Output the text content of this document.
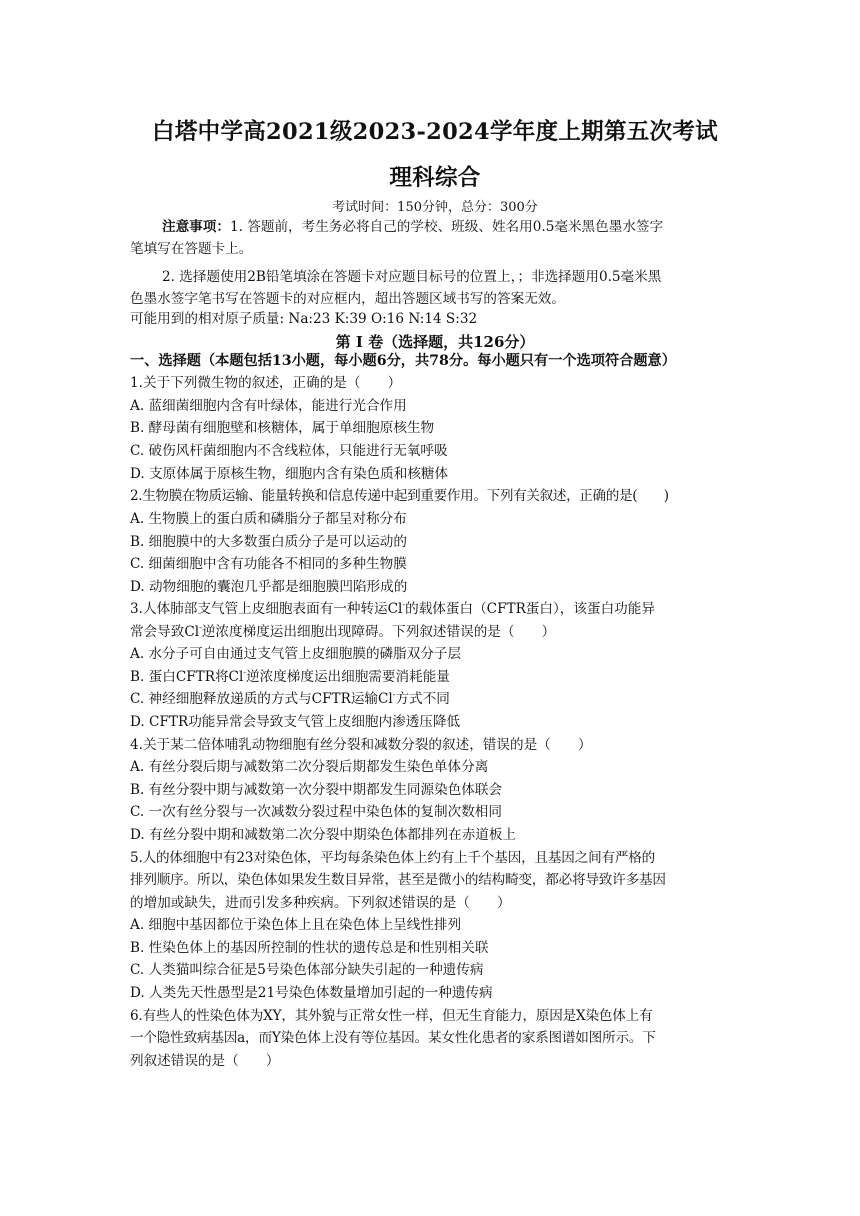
白塔中学高2021级2023-2024学年度上期第五次考试
理科综合
考试时间：150分钟，总分：300分
注意事项：1. 答题前，考生务必将自己的学校、班级、姓名用0.5毫米黑色墨水签字
笔填写在答题卡上。
2. 选择题使用2B铅笔填涂在答题卡对应题目标号的位置上，；非选择题用0.5毫米黑
色墨水签字笔书写在答题卡的对应框内，超出答题区域书写的答案无效。
可能用到的相对原子质量: Na:23 K:39 O:16 N:14 S:32
第 Ⅰ 卷（选择题，共126分）
一、选择题（本题包括13小题，每小题6分，共78分。每小题只有一个选项符合题意）
1.关于下列微生物的叙述，正确的是（　　）
A. 蓝细菌细胞内含有叶绿体，能进行光合作用
B. 酵母菌有细胞壁和核糖体，属于单细胞原核生物
C. 破伤风杆菌细胞内不含线粒体，只能进行无氧呼吸
D. 支原体属于原核生物，细胞内含有染色质和核糖体
2.生物膜在物质运输、能量转换和信息传递中起到重要作用。下列有关叙述，正确的是(　　)
A. 生物膜上的蛋白质和磷脂分子都呈对称分布
B. 细胞膜中的大多数蛋白质分子是可以运动的
C. 细菌细胞中含有功能各不相同的多种生物膜
D. 动物细胞的囊泡几乎都是细胞膜凹陷形成的
3.人体肺部支气管上皮细胞表面有一种转运Cl-的载体蛋白（CFTR蛋白），该蛋白功能异
常会导致Cl-逆浓度梯度运出细胞出现障碍。下列叙述错误的是（　　）
A. 水分子可自由通过支气管上皮细胞膜的磷脂双分子层
B. 蛋白CFTR将Cl-逆浓度梯度运出细胞需要消耗能量
C. 神经细胞释放递质的方式与CFTR运输Cl-方式不同
D. CFTR功能异常会导致支气管上皮细胞内渗透压降低
4.关于某二倍体哺乳动物细胞有丝分裂和减数分裂的叙述，错误的是（　　）
A. 有丝分裂后期与减数第二次分裂后期都发生染色单体分离
B. 有丝分裂中期与减数第一次分裂中期都发生同源染色体联会
C. 一次有丝分裂与一次减数分裂过程中染色体的复制次数相同
D. 有丝分裂中期和减数第二次分裂中期染色体都排列在赤道板上
5.人的体细胞中有23对染色体，平均每条染色体上约有上千个基因，且基因之间有严格的
排列顺序。所以，染色体如果发生数目异常，甚至是微小的结构畸变，都必将导致许多基因
的增加或缺失，进而引发多种疾病。下列叙述错误的是（　　）
A. 细胞中基因都位于染色体上且在染色体上呈线性排列
B. 性染色体上的基因所控制的性状的遗传总是和性别相关联
C. 人类猫叫综合征是5号染色体部分缺失引起的一种遗传病
D. 人类先天性愚型是21号染色体数量增加引起的一种遗传病
6.有些人的性染色体为XY，其外貌与正常女性一样，但无生育能力，原因是X染色体上有
一个隐性致病基因a，而Y染色体上没有等位基因。某女性化患者的家系图谱如图所示。下
列叙述错误的是（　　）
